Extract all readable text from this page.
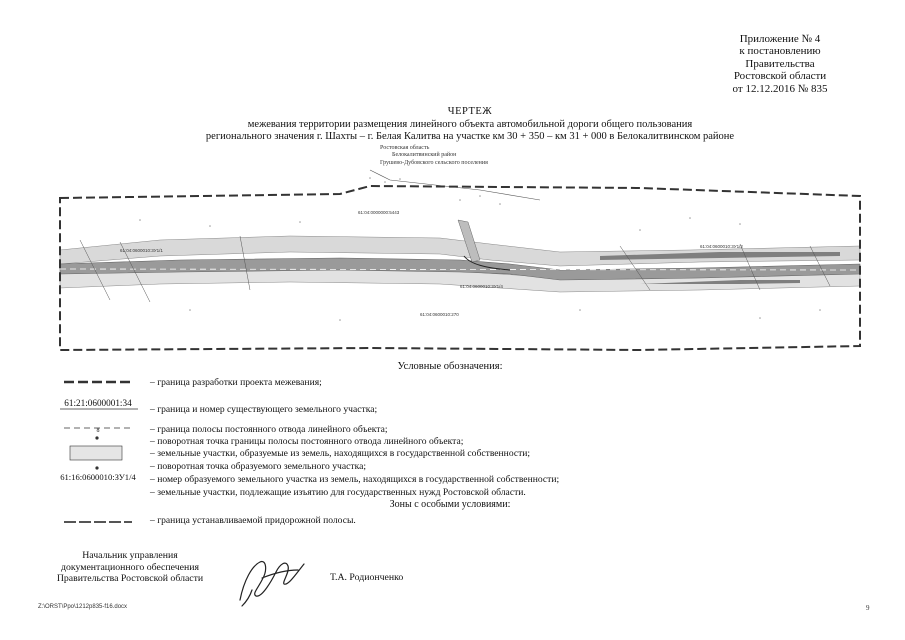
Приложение № 4
к постановлению
Правительства
Ростовской области
от 12.12.2016 № 835
ЧЕРТЕЖ
межевания территории размещения линейного объекта автомобильной дороги общего пользования
регионального значения г. Шахты – г. Белая Калитва на участке км 30 + 350 – км 31 + 000 в Белокалитвинском районе
Ростовская область
Белокалитвинский район
Грушево-Дубовского сельского поселения
61:04:0000000:5443
61:04:0600010:3У1/1
61:04:0600010:3У1/2
61:04:0600010:3У1/4
61:04:0600010:270
Условные обозначения:
61:21:0600001:34
8
61:16:0600010:ЗУ1/4
– граница разработки проекта межевания;
– граница и номер существующего земельного участка;
– граница полосы постоянного отвода линейного объекта;
– поворотная точка границы полосы постоянного отвода линейного объекта;
– земельные участки, образуемые из земель, находящихся в государственной собственности;
– поворотная точка образуемого земельного участка;
– номер образуемого земельного участка из земель, находящихся в государственной собственности;
– земельные участки, подлежащие изъятию для государственных нужд Ростовской области.
Зоны с особыми условиями:
– граница устанавливаемой придорожной полосы.
Начальник управления
документационного обеспечения
Правительства Ростовской области	Т.А. Родионченко
Z:\ORST\Ppo\1212p835-f16.docx	9
